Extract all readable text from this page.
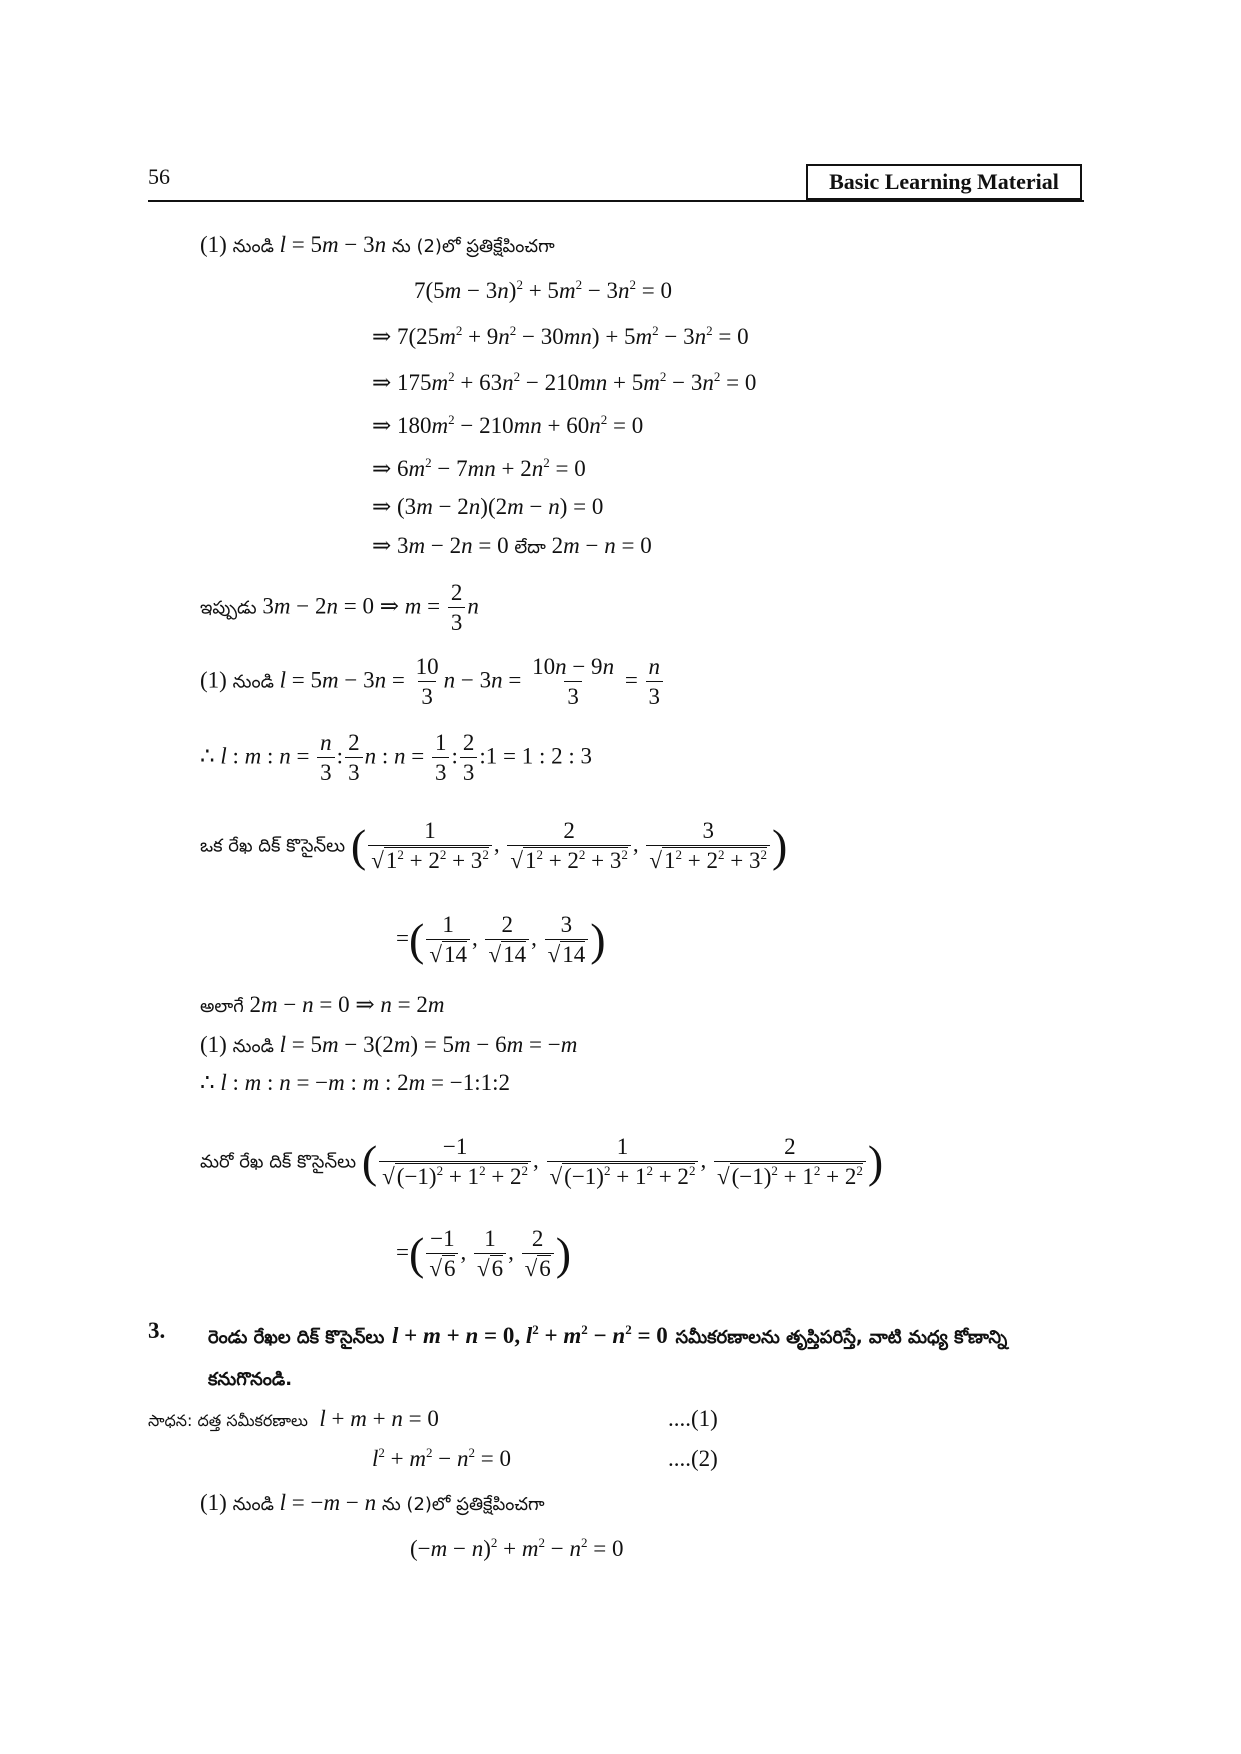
56	Basic Learning Material
(1) నుండి l = 5m − 3n ను (2)లో ప్రతిక్షేపించగా
$7(5m - 3n)^2 + 5m^2 - 3n^2 = 0$
⇒ $7(25m^2 + 9n^2 - 30mn) + 5m^2 - 3n^2 = 0$
⇒ $175m^2 + 63n^2 - 210mn + 5m^2 - 3n^2 = 0$
⇒ $180m^2 - 210mn + 60n^2 = 0$
⇒ $6m^2 - 7mn + 2n^2 = 0$
⇒ (3m − 2n)(2m − n) = 0
⇒ 3m − 2n = 0 లేదా 2m − n = 0
ఇప్పుడు 3m − 2n = 0 ⇒ $m = \frac{2}{3}$ n
(1) నుండి $l = 5m - 3n = \frac{10}{3}$ $n - 3n = \frac{10n - 9n}{3} = \frac{n}{3}$
∴ l : m : $n = \frac{n}{3}$ : $\frac{2}{3}$ n : $n = \frac{1}{3}$ : $\frac{2}{3}$ :1 = 1 : 2 : 3
ఒక రేఖ దిక్ కొసైన్‌లు ( $\frac{1}{√1^2 + 2^2 + 3^2}$ , $\frac{2}{√1^2 + 2^2 + 3^2}$ , $\frac{3}{√1^2 + 2^2 + 3^2}$ )
=( $\frac{1}{√14}$ , $\frac{2}{√14}$ , $\frac{3}{√14}$ )
అలాగే 2m − n = 0 ⇒ n = 2m
(1) నుండి l = 5m − 3(2m) = 5m − 6m = −m
∴ l : m : n = −m : m : 2m = −1:1:2
మరో రేఖ దిక్ కొసైన్‌లు ( $\frac{-1}{√(-1)^2 + 1^2 + 2^2}$ , $\frac{1}{√(-1)^2 + 1^2 + 2^2}$ , $\frac{2}{√(-1)^2 + 1^2 + 2^2}$ )
=( $\frac{-1}{√6}$ , $\frac{1}{√6}$ , $\frac{2}{√6}$ )
3. రెండు రేఖల దిక్ కొసైన్‌లు l + m + n = 0, $l^2 + m^2 - n^2 = 0$ సమీకరణాలను తృప్తిపరిస్తే, వాటి మధ్య కోణాన్ని కనుగొనండి.
సాధన: దత్త సమీకరణాలు l + m + n = 0	....(1)
$l^2 + m^2 - n^2 = 0$	....(2)
(1) నుండి l = −m − n ను (2)లో ప్రతిక్షేపించగా
$(-m - n)^2 + m^2 - n^2 = 0$
